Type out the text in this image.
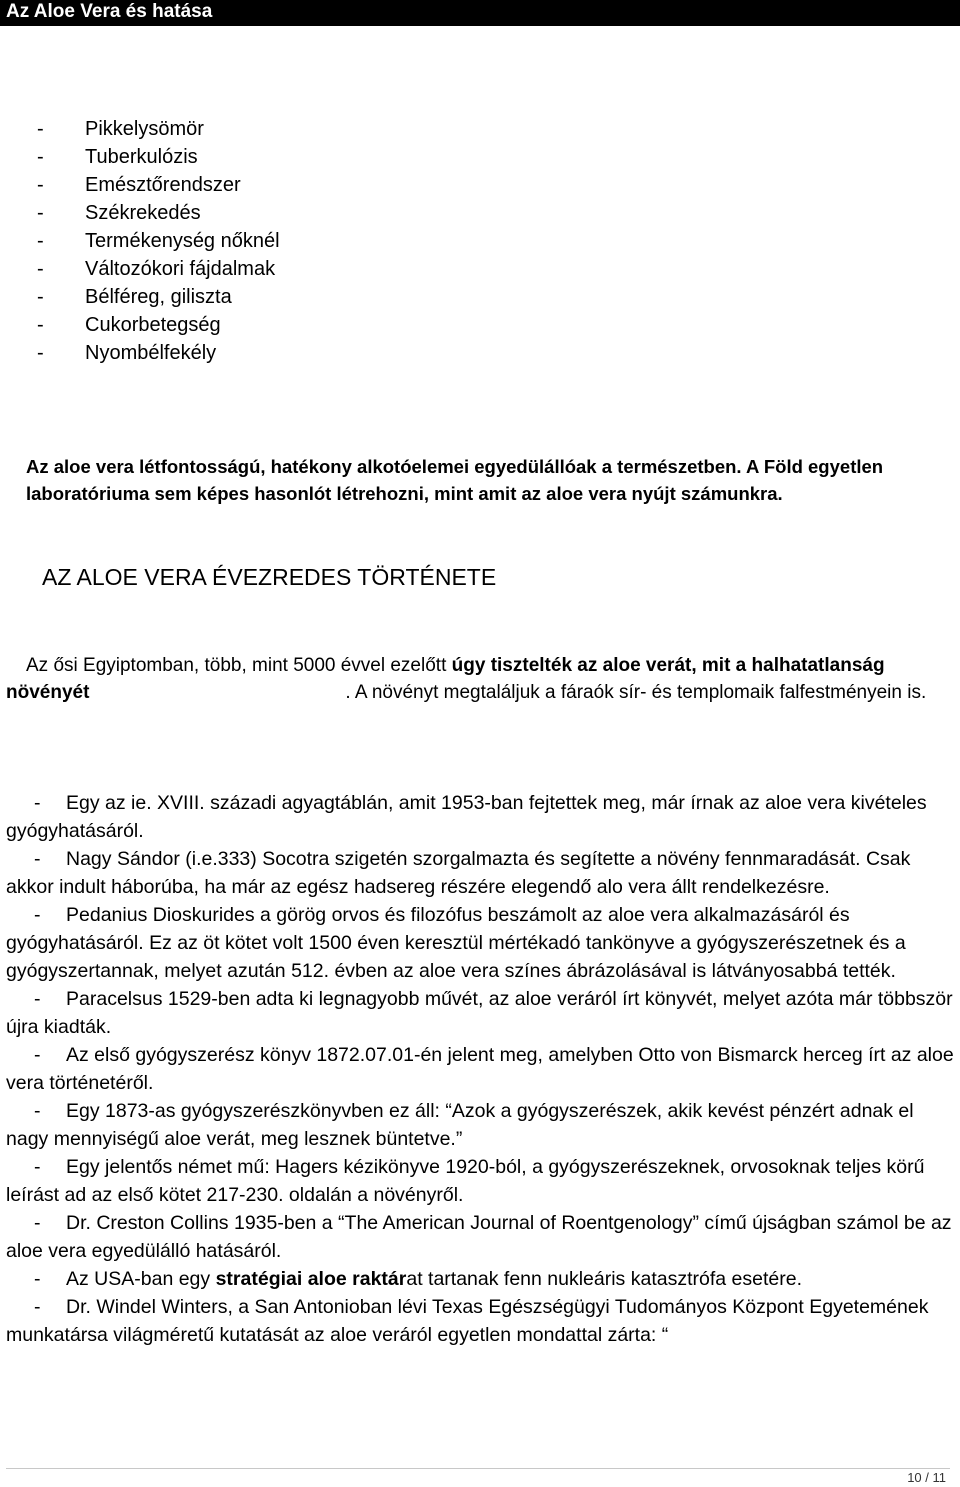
Az Aloe Vera és hatása
- Pikkelysömör
- Tuberkulózis
- Emésztőrendszer
- Székrekedés
- Termékenység nőknél
- Változókori fájdalmak
- Bélféreg, giliszta
- Cukorbetegség
- Nyombélfekély
Az aloe vera létfontosságú, hatékony alkotóelemei egyedülállóak a természetben. A Föld egyetlen laboratóriuma sem képes hasonlót létrehozni, mint amit az aloe vera nyújt számunkra.
AZ ALOE VERA ÉVEZREDES TÖRTÉNETE
Az ősi Egyiptomban, több, mint 5000 évvel ezelőtt úgy tisztelték az aloe verát, mit a halhatatlanság növényét	. A növényt megtaláljuk a fáraók sír- és templomaik falfestményein is.
- Egy az ie. XVIII. századi agyagtáblán, amit 1953-ban fejtettek meg, már írnak az aloe vera kivételes gyógyhatásáról.
- Nagy Sándor (i.e.333) Socotra szigetén szorgalmazta és segítette a növény fennmaradását. Csak akkor indult háborúba, ha már az egész hadsereg részére elegendő alo vera állt rendelkezésre.
- Pedanius Dioskurides a görög orvos és filozófus beszámolt az aloe vera alkalmazásáról és gyógyhatásáról. Ez az öt kötet volt 1500 éven keresztül mértékadó tankönyve a gyógyszerészetnek és a gyógyszertannak, melyet azután 512. évben az aloe vera színes ábrázolásával is látványosabbá tették.
- Paracelsus 1529-ben adta ki legnagyobb művét, az aloe veráról írt könyvét, melyet azóta már többször újra kiadták.
- Az első gyógyszerész könyv 1872.07.01-én jelent meg, amelyben Otto von Bismarck herceg írt az aloe vera történetéről.
- Egy 1873-as gyógyszerészkönyvben ez áll: “Azok a gyógyszerészek, akik kevést pénzért adnak el nagy mennyiségű aloe verát, meg lesznek büntetve.”
- Egy jelentős német mű: Hagers kézikönyve 1920-ból, a gyógyszerészeknek, orvosoknak teljes körű leírást ad az első kötet 217-230. oldalán a növényről.
- Dr. Creston Collins 1935-ben a “The American Journal of Roentgenology” című újságban számol be az aloe vera egyedülálló hatásáról.
- Az USA-ban egy stratégiai aloe raktárat tartanak fenn nukleáris katasztrófa esetére.
- Dr. Windel Winters, a San Antonioban lévi Texas Egészségügyi Tudományos Központ Egyetemének munkatársa világméretű kutatását az aloe veráról egyetlen mondattal zárta: “
10 / 11
